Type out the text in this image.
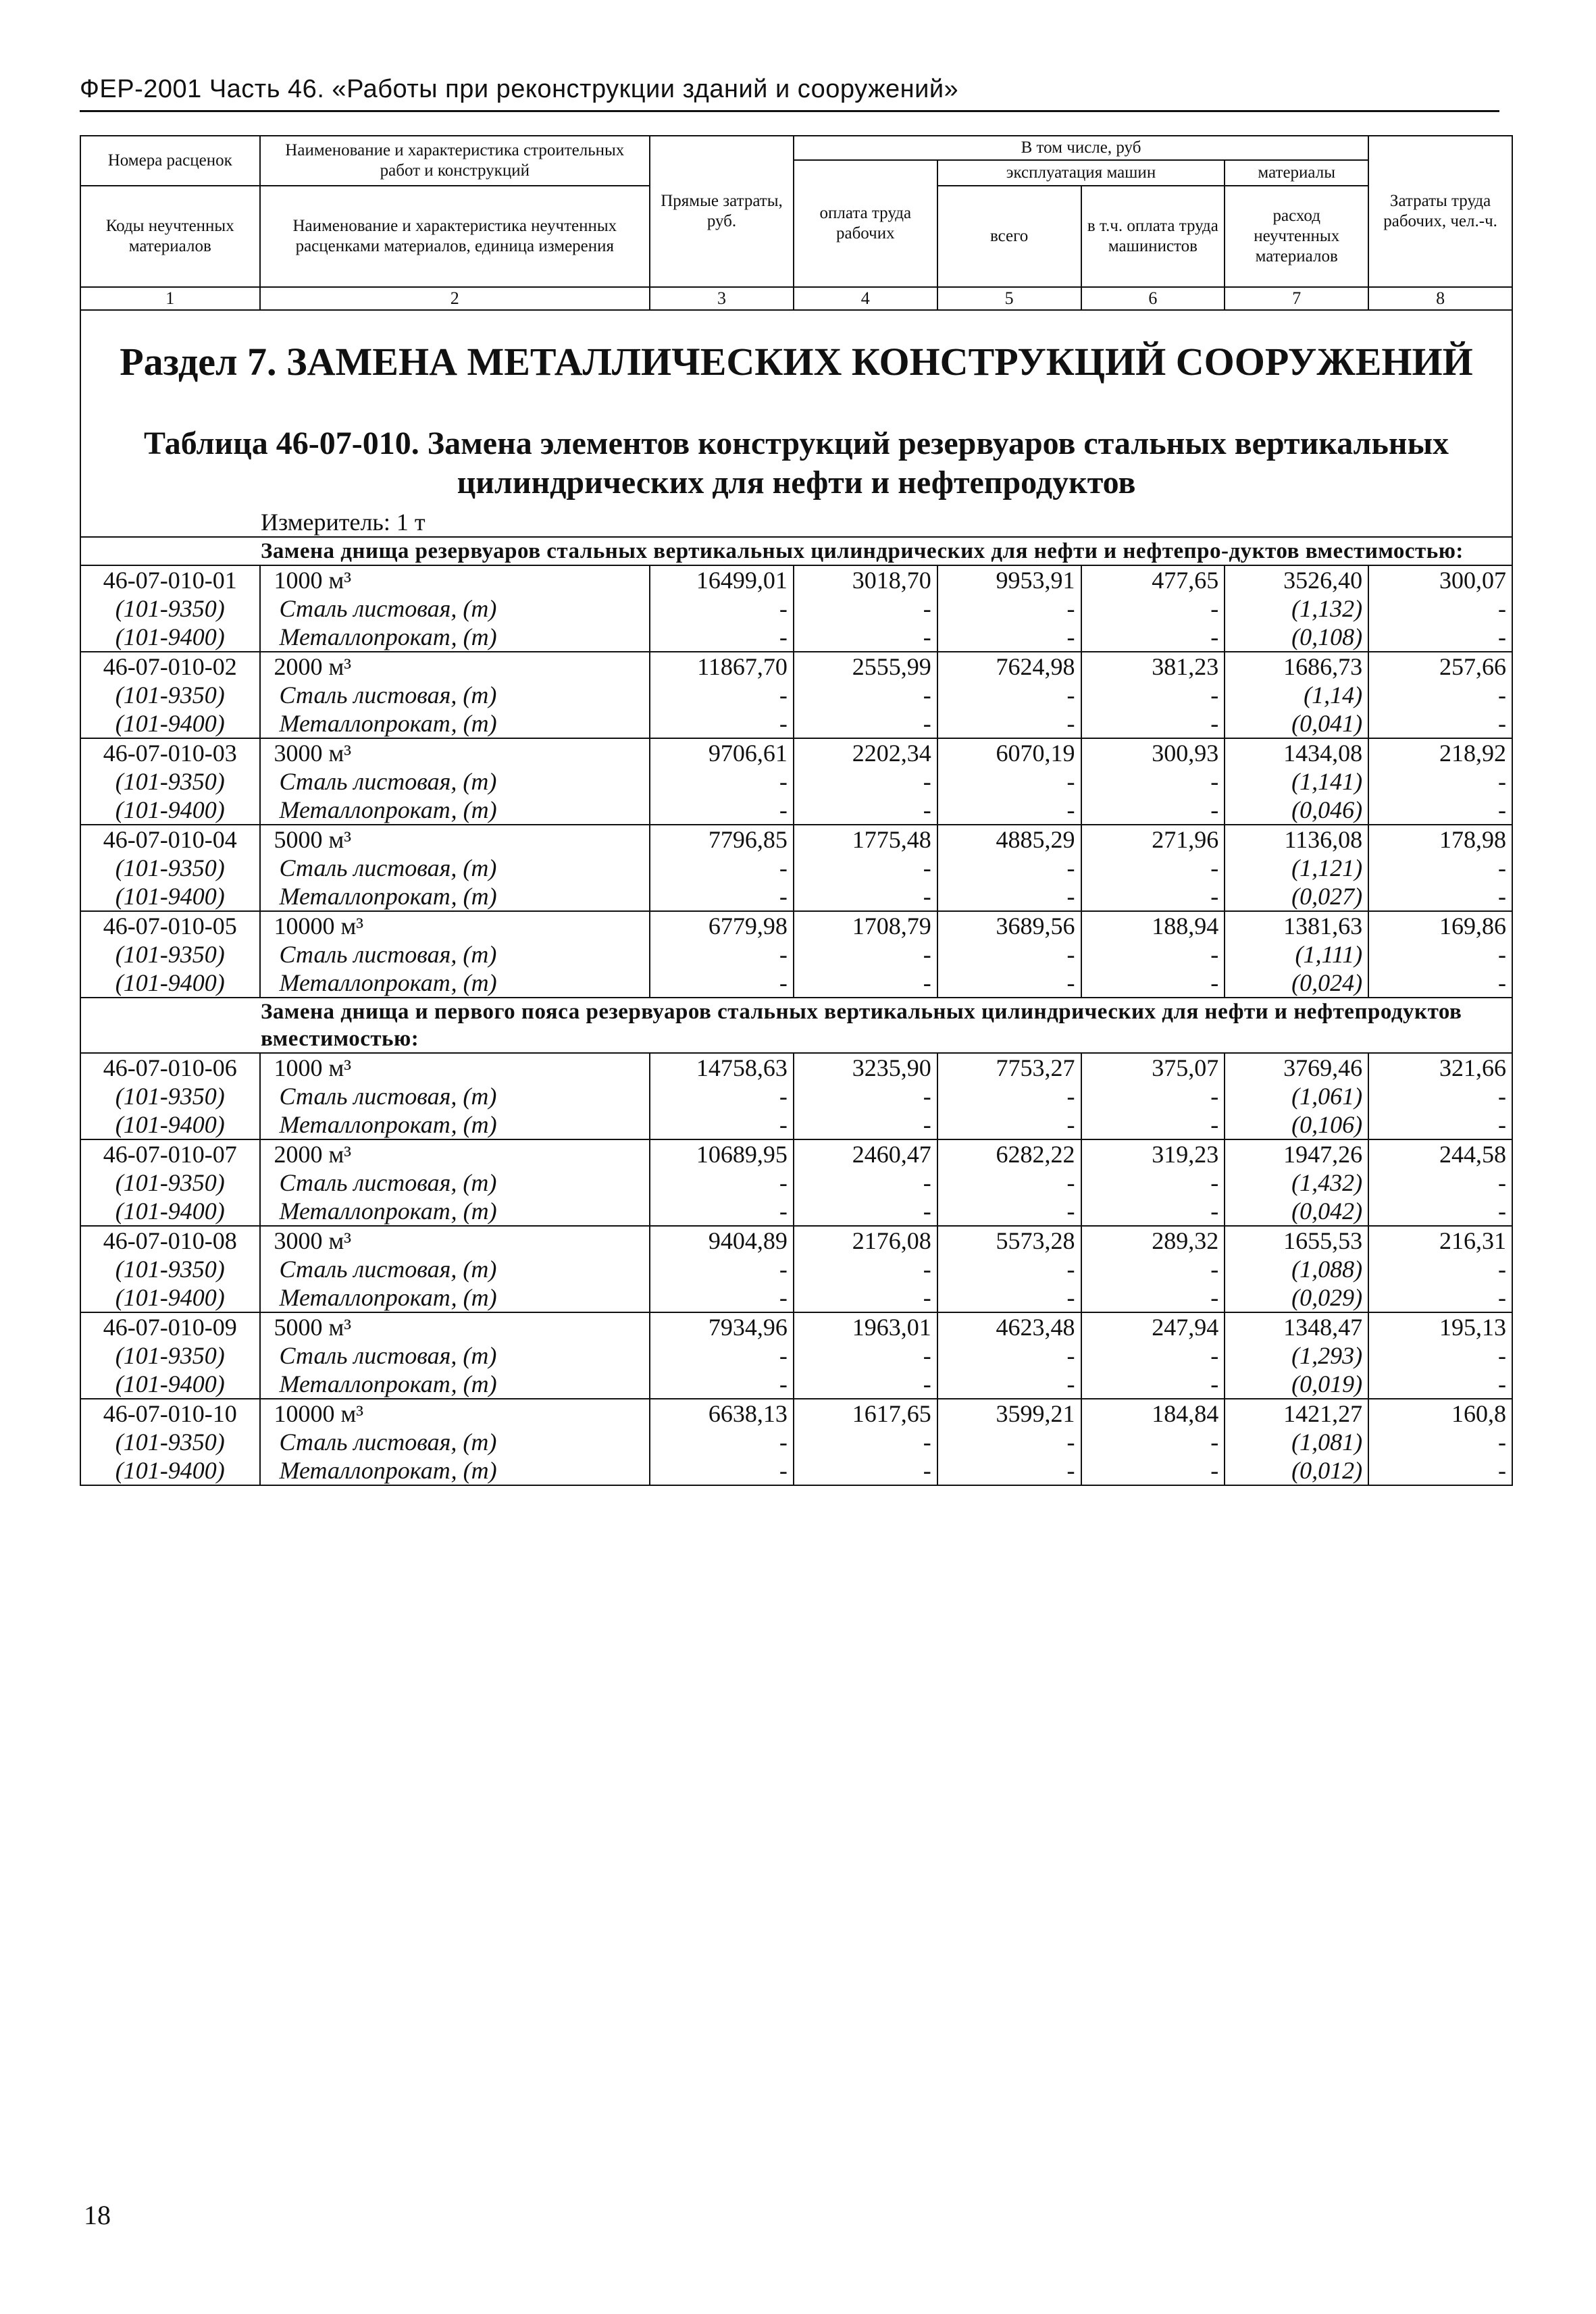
ФЕР-2001 Часть 46. «Работы при реконструкции зданий и сооружений»
Номера расценок	Наименование и характеристика строительных работ и конструкций	Прямые затраты, руб.	В том числе, руб				Затраты труда рабочих, чел.-ч.
			оплата труда рабочих	эксплуатация машин		материалы	
Коды неучтенных материалов	Наименование и характеристика неучтенных расценками материалов, единица измерения			всего	в т.ч. оплата труда машинистов	расход неучтенных материалов	
1	2	3	4	5	6	7	8
Раздел 7. ЗАМЕНА МЕТАЛЛИЧЕСКИХ КОНСТРУКЦИЙ СООРУЖЕНИЙ							
Таблица 46-07-010. Замена элементов конструкций резервуаров стальных вертикальных цилиндрических для нефти и нефтепродуктов							
Измеритель: 1 т							
Замена днища резервуаров стальных вертикальных цилиндрических для нефти и нефтепро-дуктов вместимостью:							
46-07-010-01	1000 м³	16499,01	3018,70	9953,91	477,65	3526,40	300,07
(101-9350)	Сталь листовая, (т)	-	-	-	-	(1,132)	-
(101-9400)	Металлопрокат, (т)	-	-	-	-	(0,108)	-
46-07-010-02	2000 м³	11867,70	2555,99	7624,98	381,23	1686,73	257,66
(101-9350)	Сталь листовая, (т)	-	-	-	-	(1,14)	-
(101-9400)	Металлопрокат, (т)	-	-	-	-	(0,041)	-
46-07-010-03	3000 м³	9706,61	2202,34	6070,19	300,93	1434,08	218,92
(101-9350)	Сталь листовая, (т)	-	-	-	-	(1,141)	-
(101-9400)	Металлопрокат, (т)	-	-	-	-	(0,046)	-
46-07-010-04	5000 м³	7796,85	1775,48	4885,29	271,96	1136,08	178,98
(101-9350)	Сталь листовая, (т)	-	-	-	-	(1,121)	-
(101-9400)	Металлопрокат, (т)	-	-	-	-	(0,027)	-
46-07-010-05	10000 м³	6779,98	1708,79	3689,56	188,94	1381,63	169,86
(101-9350)	Сталь листовая, (т)	-	-	-	-	(1,111)	-
(101-9400)	Металлопрокат, (т)	-	-	-	-	(0,024)	-
Замена днища и первого пояса резервуаров стальных вертикальных цилиндрических для нефти и нефтепродуктов вместимостью:							
46-07-010-06	1000 м³	14758,63	3235,90	7753,27	375,07	3769,46	321,66
(101-9350)	Сталь листовая, (т)	-	-	-	-	(1,061)	-
(101-9400)	Металлопрокат, (т)	-	-	-	-	(0,106)	-
46-07-010-07	2000 м³	10689,95	2460,47	6282,22	319,23	1947,26	244,58
(101-9350)	Сталь листовая, (т)	-	-	-	-	(1,432)	-
(101-9400)	Металлопрокат, (т)	-	-	-	-	(0,042)	-
46-07-010-08	3000 м³	9404,89	2176,08	5573,28	289,32	1655,53	216,31
(101-9350)	Сталь листовая, (т)	-	-	-	-	(1,088)	-
(101-9400)	Металлопрокат, (т)	-	-	-	-	(0,029)	-
46-07-010-09	5000 м³	7934,96	1963,01	4623,48	247,94	1348,47	195,13
(101-9350)	Сталь листовая, (т)	-	-	-	-	(1,293)	-
(101-9400)	Металлопрокат, (т)	-	-	-	-	(0,019)	-
46-07-010-10	10000 м³	6638,13	1617,65	3599,21	184,84	1421,27	160,8
(101-9350)	Сталь листовая, (т)	-	-	-	-	(1,081)	-
(101-9400)	Металлопрокат, (т)	-	-	-	-	(0,012)	-
18
